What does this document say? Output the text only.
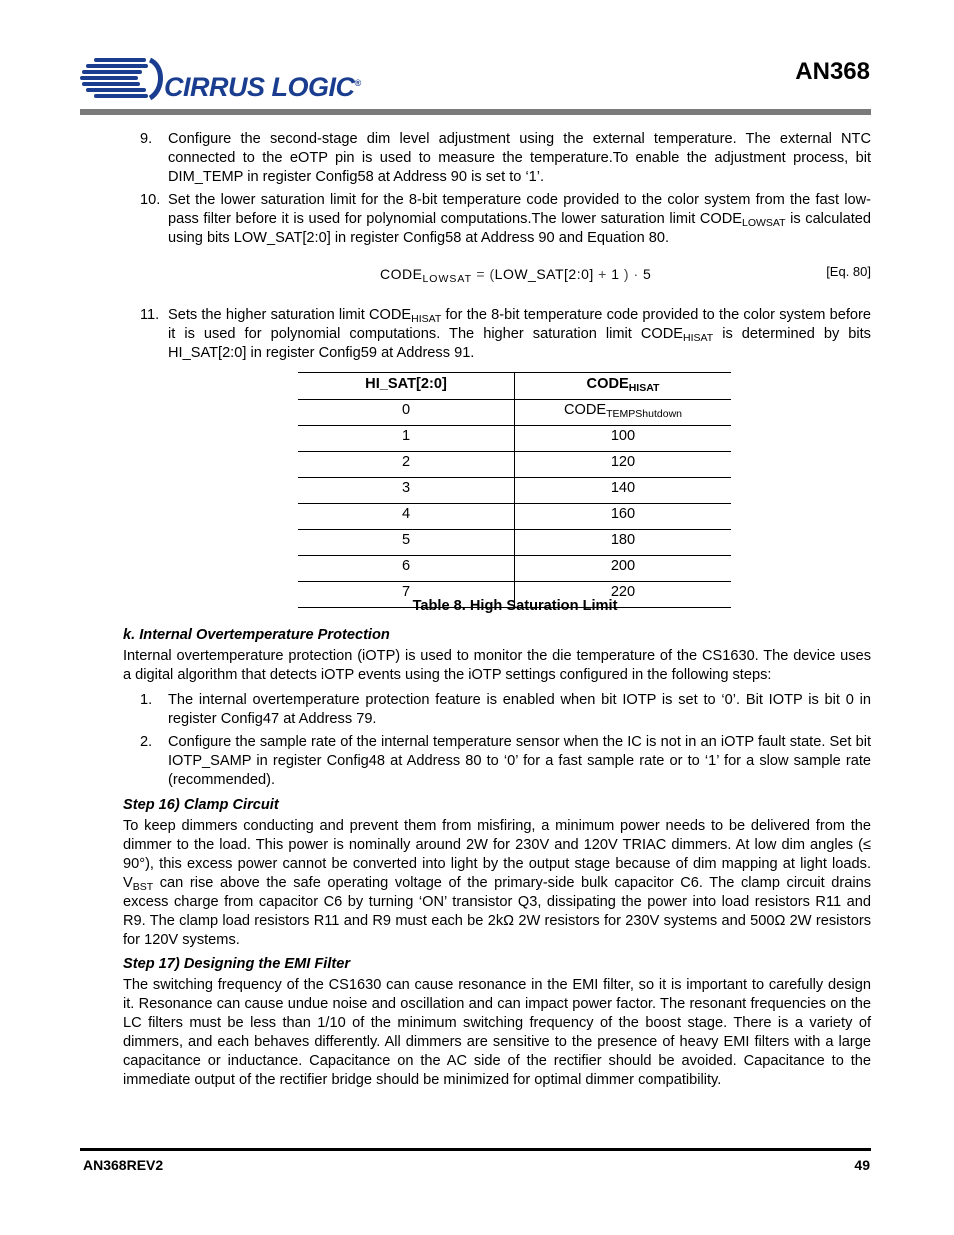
CIRRUS LOGIC®	AN368
9. Configure the second-stage dim level adjustment using the external temperature. The external NTC connected to the eOTP pin is used to measure the temperature.To enable the adjustment process, bit DIM_TEMP in register Config58 at Address 90 is set to ‘1’.

10. Set the lower saturation limit for the 8-bit temperature code provided to the color system from the fast low-pass filter before it is used for polynomial computations.The lower saturation limit $CODE_{LOWSAT}$ is calculated using bits LOW_SAT[2:0] in register Config58 at Address 90 and Equation 80.

$CODE_{LOWSAT}$ = (LOW_SAT[2:0] + 1 ) · 5	[Eq. 80]
11. Sets the higher saturation limit $CODE_{HISAT}$ for the 8-bit temperature code provided to the color system before it is used for polynomial computations. The higher saturation limit $CODE_{HISAT}$ is determined by bits HI_SAT[2:0] in register Config59 at Address 91.

HI_SAT[2:0]	$CODE_{HISAT}$
0	$CODE_{TEMPShutdown}$
1	100
2	120
3	140
4	160
5	180
6	200
7	220
Table 8. High Saturation Limit
k. Internal Overtemperature Protection
Internal overtemperature protection (iOTP) is used to monitor the die temperature of the CS1630. The device uses a digital algorithm that detects iOTP events using the iOTP settings configured in the following steps:
1. The internal overtemperature protection feature is enabled when bit IOTP is set to ‘0’. Bit IOTP is bit 0 in register Config47 at Address 79.

2. Configure the sample rate of the internal temperature sensor when the IC is not in an iOTP fault state. Set bit IOTP_SAMP in register Config48 at Address 80 to ‘0’ for a fast sample rate or to ‘1’ for a slow sample rate (recommended).

Step 16) Clamp Circuit
To keep dimmers conducting and prevent them from misfiring, a minimum power needs to be delivered from the dimmer to the load. This power is nominally around 2W for 230V and 120V TRIAC dimmers. At low dim angles (≤ 90°), this excess power cannot be converted into light by the output stage because of dim mapping at light loads. $V_{BST}$ can rise above the safe operating voltage of the primary-side bulk capacitor C6. The clamp circuit drains excess charge from capacitor C6 by turning ‘ON’ transistor Q3, dissipating the power into load resistors R11 and R9. The clamp load resistors R11 and R9 must each be 2kΩ 2W resistors for 230V systems and 500Ω 2W resistors for 120V systems.
Step 17) Designing the EMI Filter
The switching frequency of the CS1630 can cause resonance in the EMI filter, so it is important to carefully design it. Resonance can cause undue noise and oscillation and can impact power factor. The resonant frequencies on the LC filters must be less than 1/10 of the minimum switching frequency of the boost stage. There is a variety of dimmers, and each behaves differently. All dimmers are sensitive to the presence of heavy EMI filters with a large capacitance or inductance. Capacitance on the AC side of the rectifier should be avoided. Capacitance to the immediate output of the rectifier bridge should be minimized for optimal dimmer compatibility.
AN368REV2	49
